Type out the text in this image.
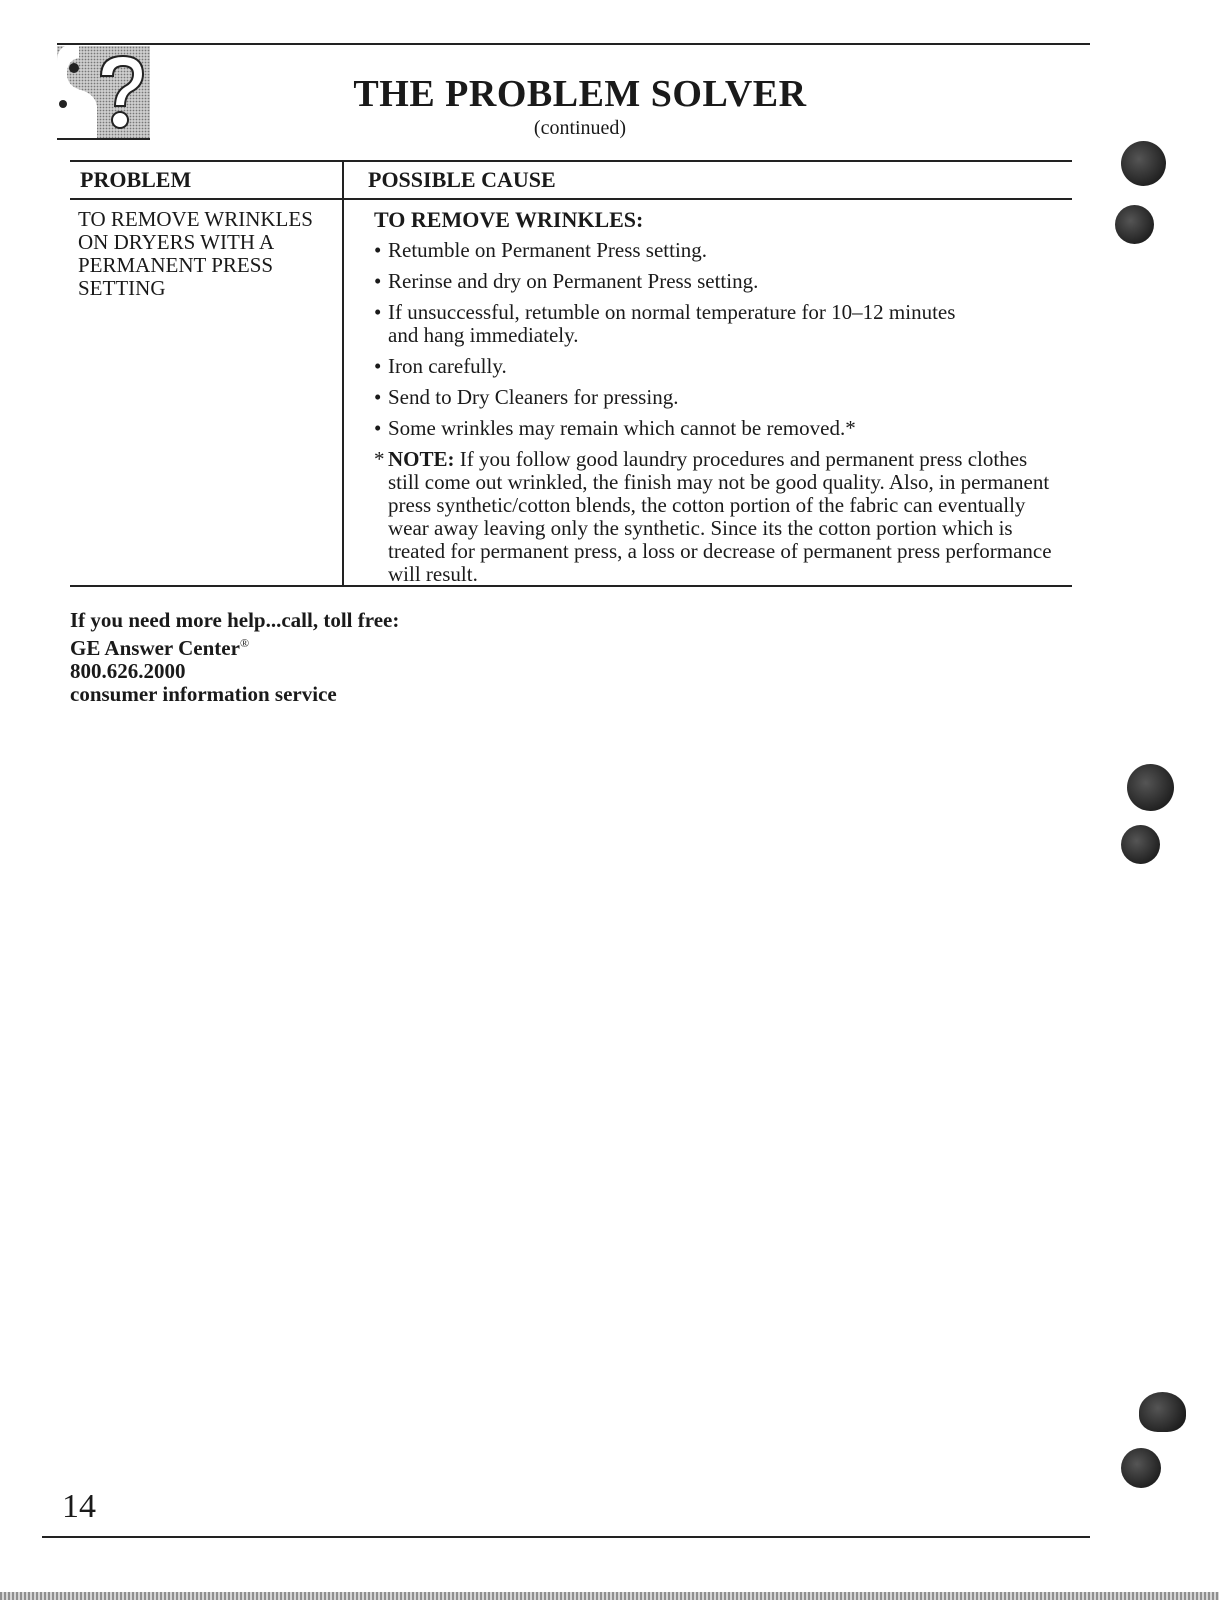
THE PROBLEM SOLVER
(continued)
PROBLEM	POSSIBLE CAUSE
TO REMOVE WRINKLES ON DRYERS WITH A PERMANENT PRESS SETTING
TO REMOVE WRINKLES:
• Retumble on Permanent Press setting.
• Rerinse and dry on Permanent Press setting.
• If unsuccessful, retumble on normal temperature for 10–12 minutes and hang immediately.
• Iron carefully.
• Send to Dry Cleaners for pressing.
• Some wrinkles may remain which cannot be removed.*
* NOTE: If you follow good laundry procedures and permanent press clothes still come out wrinkled, the finish may not be good quality. Also, in permanent press synthetic/cotton blends, the cotton portion of the fabric can eventually wear away leaving only the synthetic. Since its the cotton portion which is treated for permanent press, a loss or decrease of permanent press performance will result.
If you need more help...call, toll free:
GE Answer Center®
800.626.2000
consumer information service
14
